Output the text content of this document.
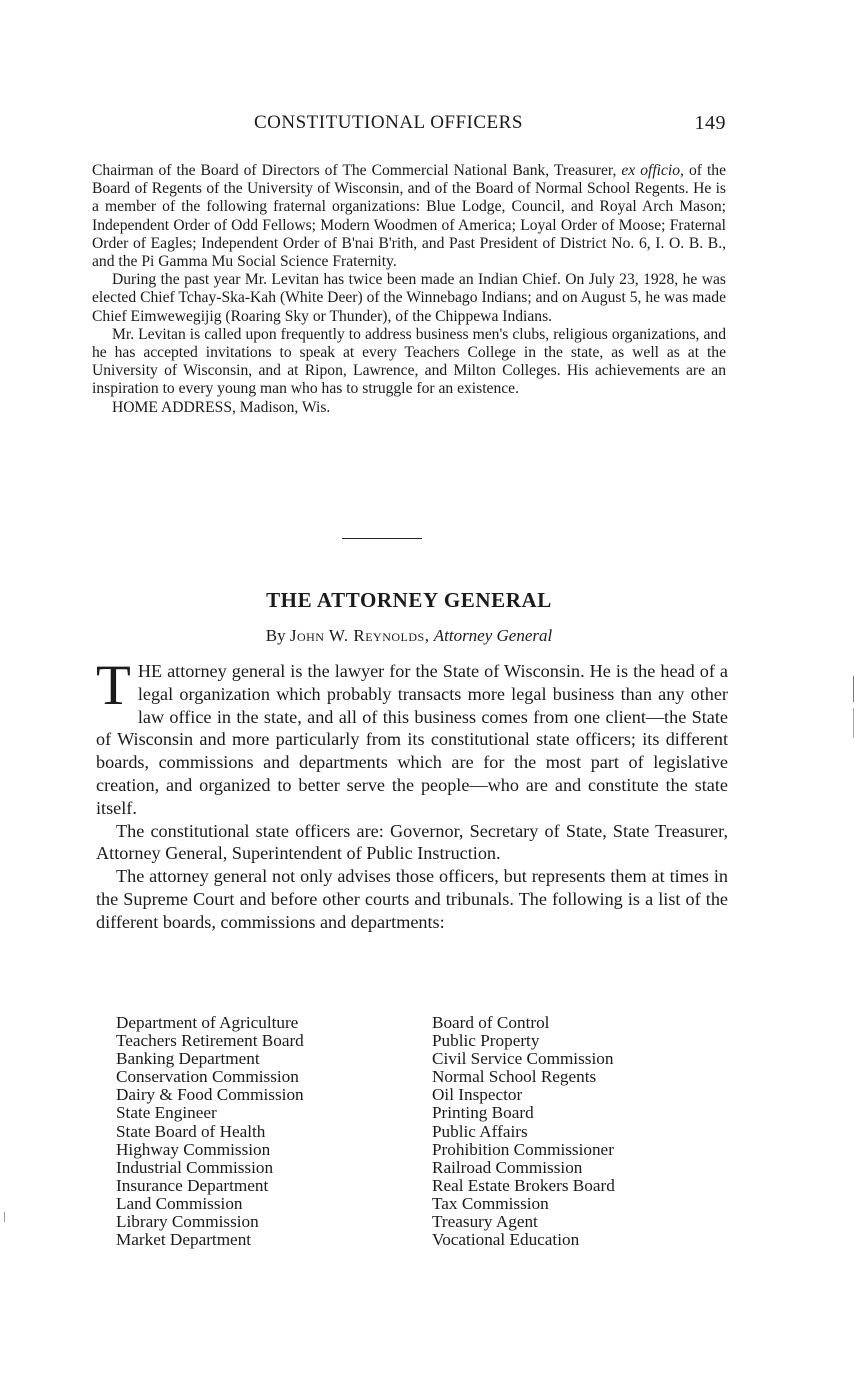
CONSTITUTIONAL OFFICERS	149

Chairman of the Board of Directors of The Commercial National Bank, Treasurer, ex officio, of the Board of Regents of the University of Wisconsin, and of the Board of Normal School Regents. He is a member of the following fraternal organizations: Blue Lodge, Council, and Royal Arch Mason; Independent Order of Odd Fellows; Modern Woodmen of America; Loyal Order of Moose; Fraternal Order of Eagles; Independent Order of B'nai B'rith, and Past President of District No. 6, I. O. B. B., and the Pi Gamma Mu Social Science Fraternity.

During the past year Mr. Levitan has twice been made an Indian Chief. On July 23, 1928, he was elected Chief Tchay-Ska-Kah (White Deer) of the Winnebago Indians; and on August 5, he was made Chief Eimwewegijig (Roaring Sky or Thunder), of the Chippewa Indians.

Mr. Levitan is called upon frequently to address business men's clubs, religious organizations, and he has accepted invitations to speak at every Teachers College in the state, as well as at the University of Wisconsin, and at Ripon, Lawrence, and Milton Colleges. His achievements are an inspiration to every young man who has to struggle for an existence.

HOME ADDRESS, Madison, Wis.

THE ATTORNEY GENERAL
By John W. Reynolds, Attorney General

THE attorney general is the lawyer for the State of Wisconsin. He is the head of a legal organization which probably transacts more legal business than any other law office in the state, and all of this business comes from one client—the State of Wisconsin and more particularly from its constitutional state officers; its different boards, commissions and departments which are for the most part of legislative creation, and organized to better serve the people—who are and constitute the state itself.

The constitutional state officers are: Governor, Secretary of State, State Treasurer, Attorney General, Superintendent of Public Instruction.

The attorney general not only advises those officers, but represents them at times in the Supreme Court and before other courts and tribunals. The following is a list of the different boards, commissions and departments:

Department of Agriculture
Teachers Retirement Board
Banking Department
Conservation Commission
Dairy & Food Commission
State Engineer
State Board of Health
Highway Commission
Industrial Commission
Insurance Department
Land Commission
Library Commission
Market Department
Board of Control
Public Property
Civil Service Commission
Normal School Regents
Oil Inspector
Printing Board
Public Affairs
Prohibition Commissioner
Railroad Commission
Real Estate Brokers Board
Tax Commission
Treasury Agent
Vocational Education
